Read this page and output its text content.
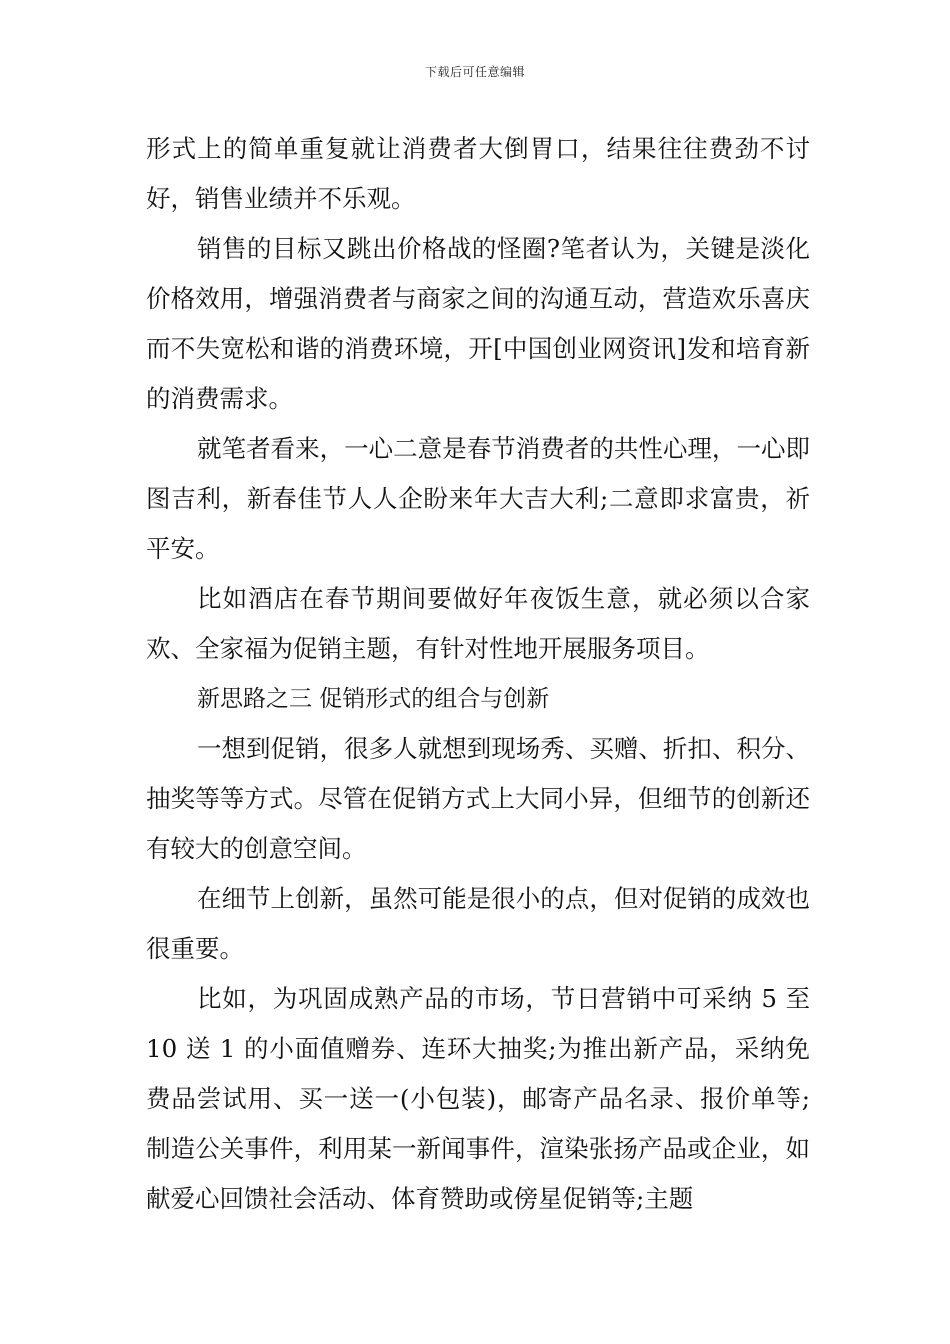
下载后可任意编辑

形式上的简单重复就让消费者大倒胃口，结果往往费劲不讨好，销售业绩并不乐观。

销售的目标又跳出价格战的怪圈?笔者认为，关键是淡化价格效用，增强消费者与商家之间的沟通互动，营造欢乐喜庆而不失宽松和谐的消费环境，开[中国创业网资讯]发和培育新的消费需求。

就笔者看来，一心二意是春节消费者的共性心理，一心即图吉利，新春佳节人人企盼来年大吉大利;二意即求富贵，祈平安。

比如酒店在春节期间要做好年夜饭生意，就必须以合家欢、全家福为促销主题，有针对性地开展服务项目。

新思路之三 促销形式的组合与创新

一想到促销，很多人就想到现场秀、买赠、折扣、积分、抽奖等等方式。尽管在促销方式上大同小异，但细节的创新还有较大的创意空间。

在细节上创新，虽然可能是很小的点，但对促销的成效也很重要。

比如，为巩固成熟产品的市场，节日营销中可采纳 5 至 10 送 1 的小面值赠券、连环大抽奖;为推出新产品，采纳免费品尝试用、买一送一(小包装)，邮寄产品名录、报价单等;制造公关事件，利用某一新闻事件，渲染张扬产品或企业，如献爱心回馈社会活动、体育赞助或傍星促销等;主题
